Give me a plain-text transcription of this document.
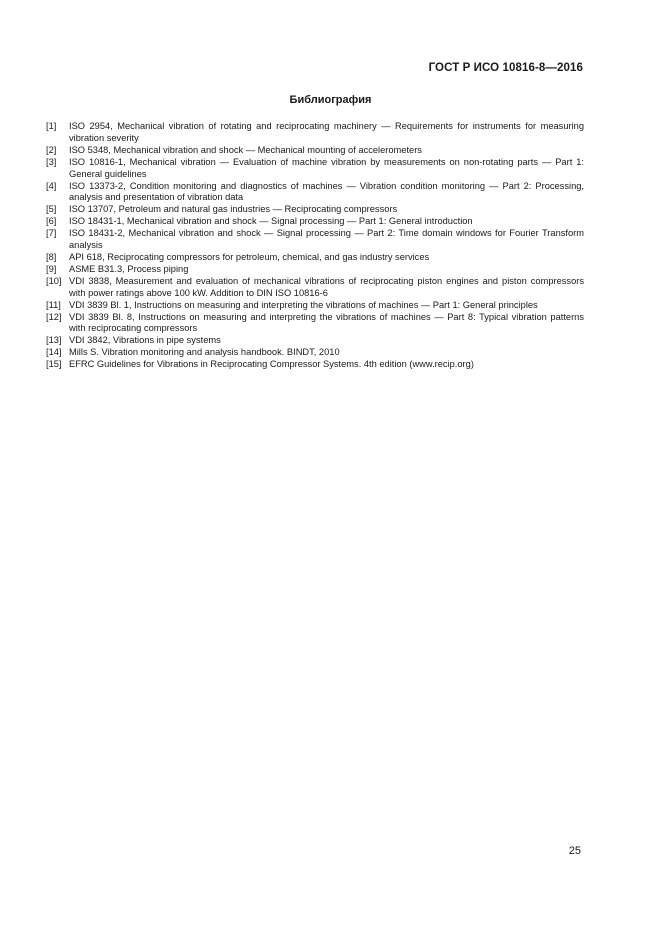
ГОСТ Р ИСО 10816-8—2016
Библиография
[1]	ISO 2954, Mechanical vibration of rotating and reciprocating machinery — Requirements for instruments for measuring vibration severity
[2]	ISO 5348, Mechanical vibration and shock — Mechanical mounting of accelerometers
[3]	ISO 10816-1, Mechanical vibration — Evaluation of machine vibration by measurements on non-rotating parts — Part 1: General guidelines
[4]	ISO 13373-2, Condition monitoring and diagnostics of machines — Vibration condition monitoring — Part 2: Processing, analysis and presentation of vibration data
[5]	ISO 13707, Petroleum and natural gas industries — Reciprocating compressors
[6]	ISO 18431-1, Mechanical vibration and shock — Signal processing — Part 1: General introduction
[7]	ISO 18431-2, Mechanical vibration and shock — Signal processing — Part 2: Time domain windows for Fourier Transform analysis
[8]	API 618, Reciprocating compressors for petroleum, chemical, and gas industry services
[9]	ASME B31.3, Process piping
[10] VDI 3838, Measurement and evaluation of mechanical vibrations of reciprocating piston engines and piston compressors with power ratings above 100 kW. Addition to DIN ISO 10816-6
[11] VDI 3839 Bl. 1, Instructions on measuring and interpreting the vibrations of machines — Part 1: General principles
[12] VDI 3839 Bl. 8, Instructions on measuring and interpreting the vibrations of machines — Part 8: Typical vibration patterns with reciprocating compressors
[13] VDI 3842, Vibrations in pipe systems
[14] Mills S. Vibration monitoring and analysis handbook. BINDT, 2010
[15] EFRC Guidelines for Vibrations in Reciprocating Compressor Systems. 4th edition (www.recip.org)
25
